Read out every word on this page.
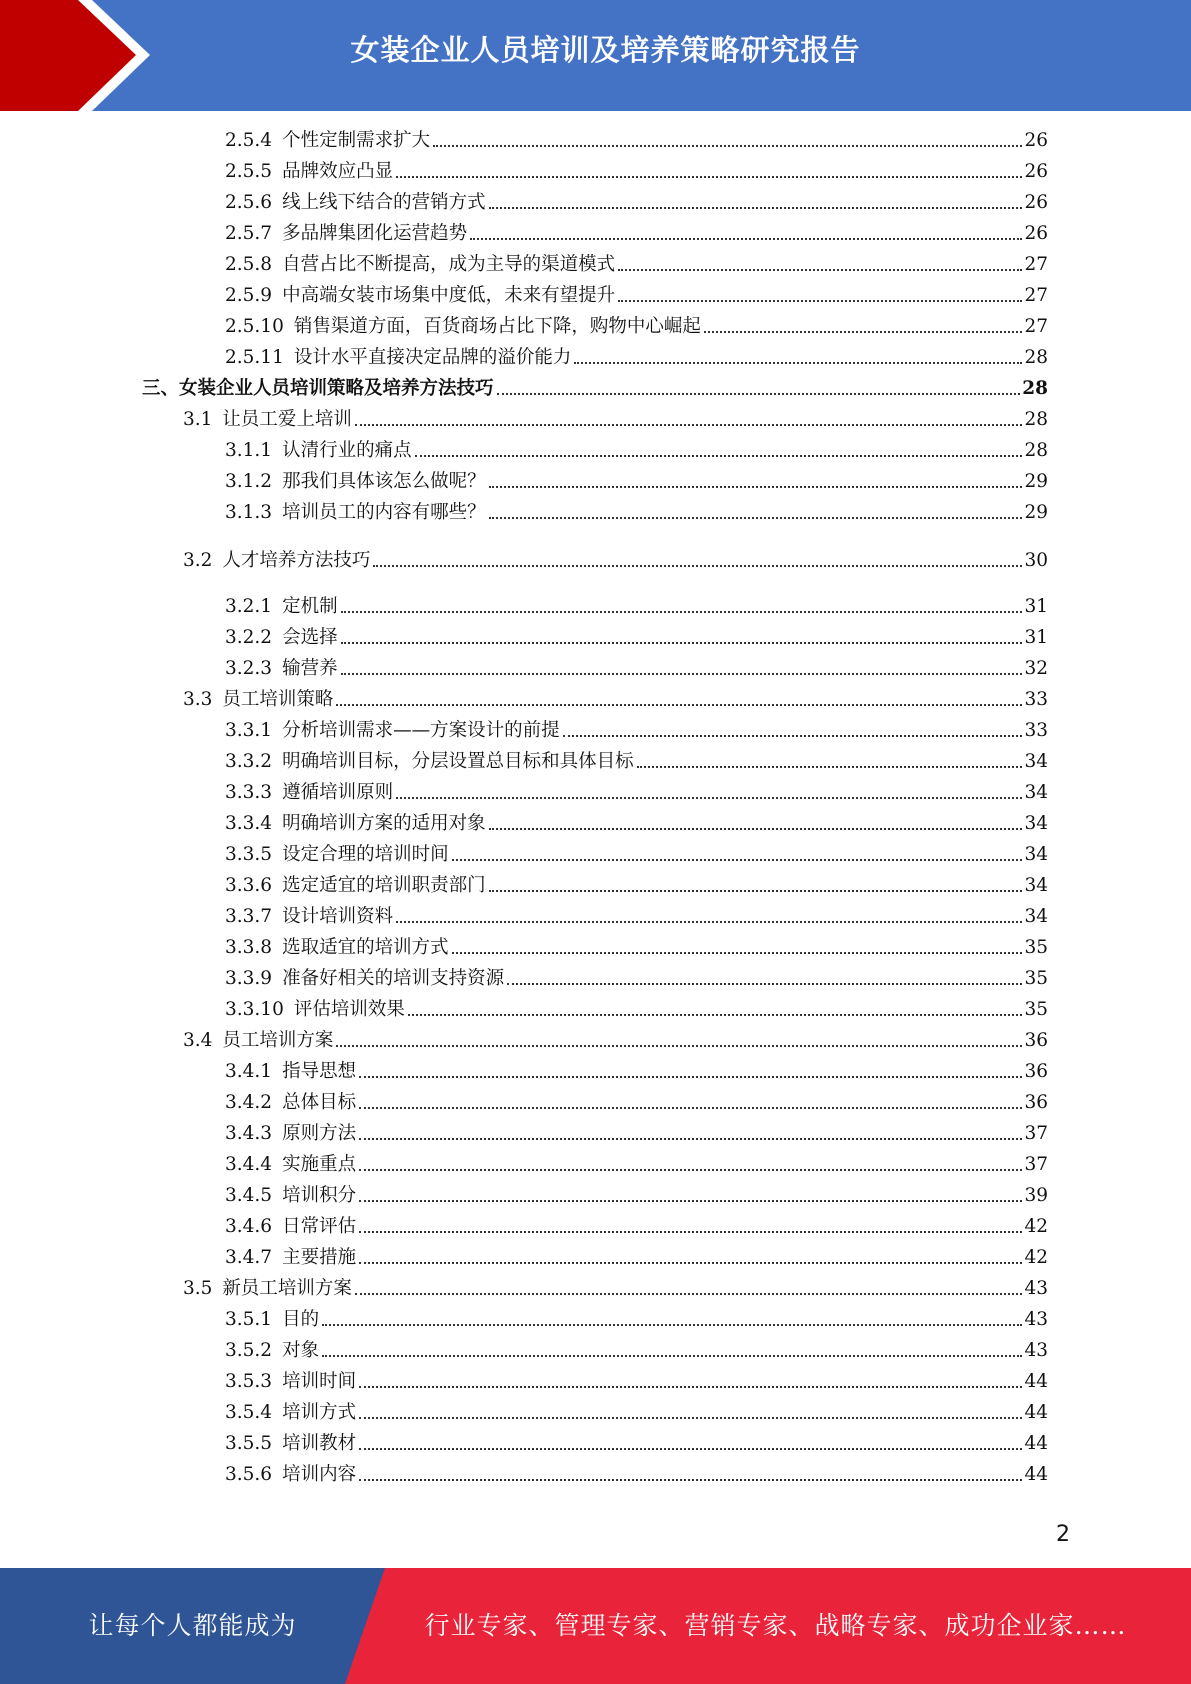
女装企业人员培训及培养策略研究报告
2.5.4 个性定制需求扩大	26
2.5.5 品牌效应凸显	26
2.5.6 线上线下结合的营销方式	26
2.5.7 多品牌集团化运营趋势	26
2.5.8 自营占比不断提高，成为主导的渠道模式	27
2.5.9 中高端女装市场集中度低，未来有望提升	27
2.5.10 销售渠道方面，百货商场占比下降，购物中心崛起	27
2.5.11 设计水平直接决定品牌的溢价能力	28
三、 女装企业人员培训策略及培养方法技巧	28
3.1 让员工爱上培训	28
3.1.1 认清行业的痛点	28
3.1.2 那我们具体该怎么做呢？	29
3.1.3 培训员工的内容有哪些？	29
3.2 人才培养方法技巧	30
3.2.1 定机制	31
3.2.2 会选择	31
3.2.3 输营养	32
3.3 员工培训策略	33
3.3.1 分析培训需求——方案设计的前提	33
3.3.2 明确培训目标，分层设置总目标和具体目标	34
3.3.3 遵循培训原则	34
3.3.4 明确培训方案的适用对象	34
3.3.5 设定合理的培训时间	34
3.3.6 选定适宜的培训职责部门	34
3.3.7 设计培训资料	34
3.3.8 选取适宜的培训方式	35
3.3.9 准备好相关的培训支持资源	35
3.3.10 评估培训效果	35
3.4 员工培训方案	36
3.4.1 指导思想	36
3.4.2 总体目标	36
3.4.3 原则方法	37
3.4.4 实施重点	37
3.4.5 培训积分	39
3.4.6 日常评估	42
3.4.7 主要措施	42
3.5 新员工培训方案	43
3.5.1 目的	43
3.5.2 对象	43
3.5.3 培训时间	44
3.5.4 培训方式	44
3.5.5 培训教材	44
3.5.6 培训内容	44
2
让每个人都能成为	行业专家、管理专家、营销专家、战略专家、成功企业家……
